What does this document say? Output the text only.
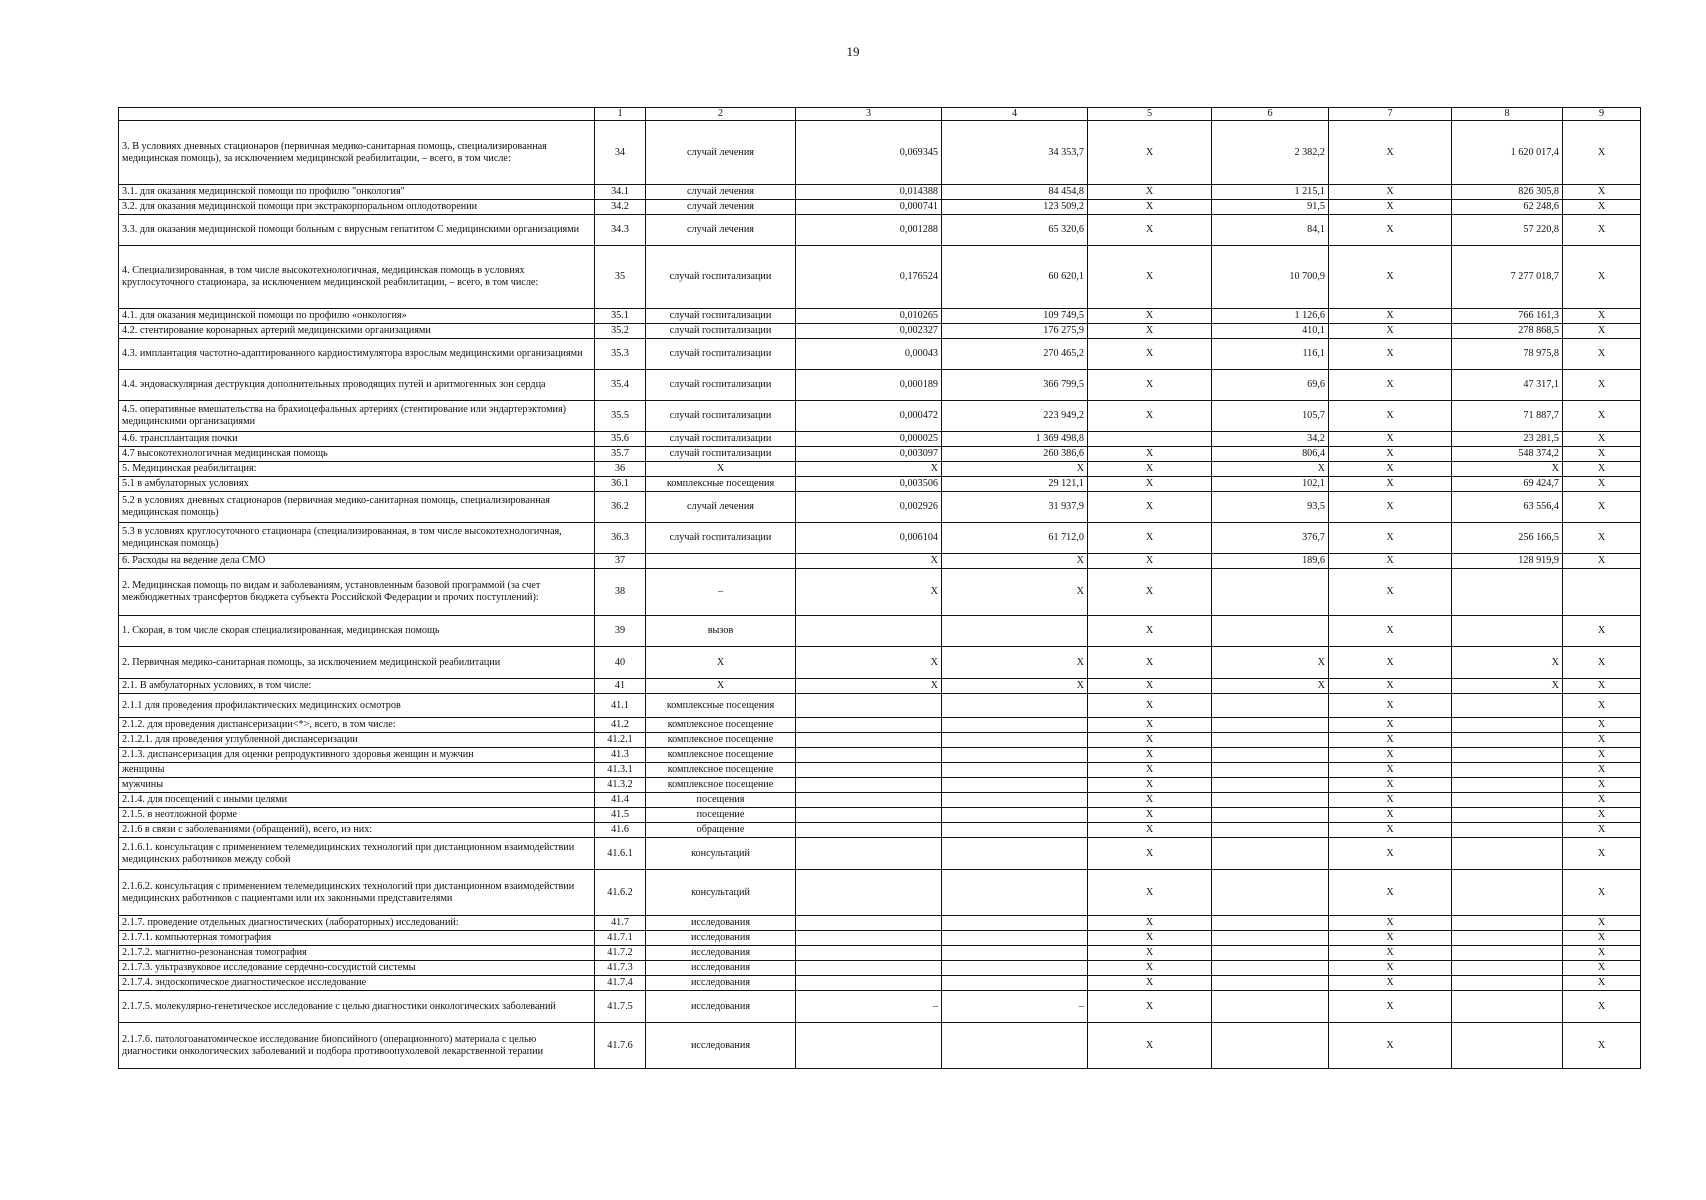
19
	1	2	3	4	5	6	7	8	9
3. В условиях дневных стационаров (первичная медико-санитарная помощь, специализированная медицинская помощь), за исключением медицинской реабилитации, – всего, в том числе:	34	случай лечения	0,069345	34 353,7	X	2 382,2	X	1 620 017,4	X
3.1. для оказания медицинской помощи по профилю "онкология"	34.1	случай лечения	0,014388	84 454,8	X	1 215,1	X	826 305,8	X
3.2. для оказания медицинской помощи при экстракорпоральном оплодотворении	34.2	случай лечения	0,000741	123 509,2	X	91,5	X	62 248,6	X
3.3. для оказания медицинской помощи больным с вирусным гепатитом С медицинскими организациями	34.3	случай лечения	0,001288	65 320,6	X	84,1	X	57 220,8	X
4. Специализированная, в том числе высокотехнологичная, медицинская помощь в условиях круглосуточного стационара, за исключением медицинской реабилитации, – всего, в том числе:	35	случай госпитализации	0,176524	60 620,1	X	10 700,9	X	7 277 018,7	X
4.1. для оказания медицинской помощи по профилю «онкология»	35.1	случай госпитализации	0,010265	109 749,5	X	1 126,6	X	766 161,3	X
4.2. стентирование коронарных артерий медицинскими организациями	35.2	случай госпитализации	0,002327	176 275,9	X	410,1	X	278 868,5	X
4.3. имплантация частотно-адаптированного кардиостимулятора взрослым медицинскими организациями	35.3	случай госпитализации	0,00043	270 465,2	X	116,1	X	78 975,8	X
4.4. эндоваскулярная деструкция дополнительных проводящих путей и аритмогенных зон сердца	35.4	случай госпитализации	0,000189	366 799,5	X	69,6	X	47 317,1	X
4.5. оперативные вмешательства на брахиоцефальных артериях (стентирование или эндартерэктомия) медицинскими организациями	35.5	случай госпитализации	0,000472	223 949,2	X	105,7	X	71 887,7	X
4.6. трансплантация почки	35.6	случай госпитализации	0,000025	1 369 498,8		34,2	X	23 281,5	X
4.7 высокотехнологичная медицинская помощь	35.7	случай госпитализации	0,003097	260 386,6	X	806,4	X	548 374,2	X
5. Медицинская реабилитация:	36	X	X	X	X	X	X	X	X
5.1 в амбулаторных условиях	36.1	комплексные посещения	0,003506	29 121,1	X	102,1	X	69 424,7	X
5.2 в условиях дневных стационаров (первичная медико-санитарная помощь, специализированная медицинская помощь)	36.2	случай лечения	0,002926	31 937,9	X	93,5	X	63 556,4	X
5.3 в условиях круглосуточного стационара (специализированная, в том числе высокотехнологичная, медицинская помощь)	36.3	случай госпитализации	0,006104	61 712,0	X	376,7	X	256 166,5	X
6. Расходы на ведение дела СМО	37		X	X	X	189,6	X	128 919,9	X
2. Медицинская помощь по видам и заболеваниям, установленным базовой программой (за счет межбюджетных трансфертов бюджета субъекта Российской Федерации и прочих поступлений):	38	–	X	X	X		X		
1. Скорая, в том числе скорая специализированная, медицинская помощь	39	вызов			X		X		X
2. Первичная медико-санитарная помощь, за исключением медицинской реабилитации	40	X	X	X	X	X	X	X	X
2.1. В амбулаторных условиях, в том числе:	41	X	X	X	X	X	X	X	X
2.1.1 для проведения профилактических медицинских осмотров	41.1	комплексные посещения			X		X		X
2.1.2. для проведения диспансеризации<*>, всего, в том числе:	41.2	комплексное посещение			X		X		X
2.1.2.1. для проведения углубленной диспансеризации	41.2.1	комплексное посещение			X		X		X
2.1.3. диспансеризация для оценки репродуктивного здоровья женщин и мужчин	41.3	комплексное посещение			X		X		X
женщины	41.3.1	комплексное посещение			X		X		X
мужчины	41.3.2	комплексное посещение			X		X		X
2.1.4. для посещений с иными целями	41.4	посещения			X		X		X
2.1.5. в неотложной форме	41.5	посещение			X		X		X
2.1.6 в связи с заболеваниями (обращений), всего, из них:	41.6	обращение			X		X		X
2.1.6.1. консультация с применением телемедицинских технологий при дистанционном взаимодействии медицинских работников между собой	41.6.1	консультаций			X		X		X
2.1.6.2. консультация с применением телемедицинских технологий при дистанционном взаимодействии медицинских работников с пациентами или их законными представителями	41.6.2	консультаций			X		X		X
2.1.7. проведение отдельных диагностических (лабораторных) исследований:	41.7	исследования			X		X		X
2.1.7.1. компьютерная томография	41.7.1	исследования			X		X		X
2.1.7.2. магнитно-резонансная томография	41.7.2	исследования			X		X		X
2.1.7.3. ультразвуковое исследование сердечно-сосудистой системы	41.7.3	исследования			X		X		X
2.1.7.4. эндоскопическое диагностическое исследование	41.7.4	исследования			X		X		X
2.1.7.5. молекулярно-генетическое исследование с целью диагностики онкологических заболеваний	41.7.5	исследования	–	–	X		X		X
2.1.7.6. патологоанатомическое исследование биопсийного (операционного) материала с целью диагностики онкологических заболеваний и подбора противоопухолевой лекарственной терапии	41.7.6	исследования			X		X		X
